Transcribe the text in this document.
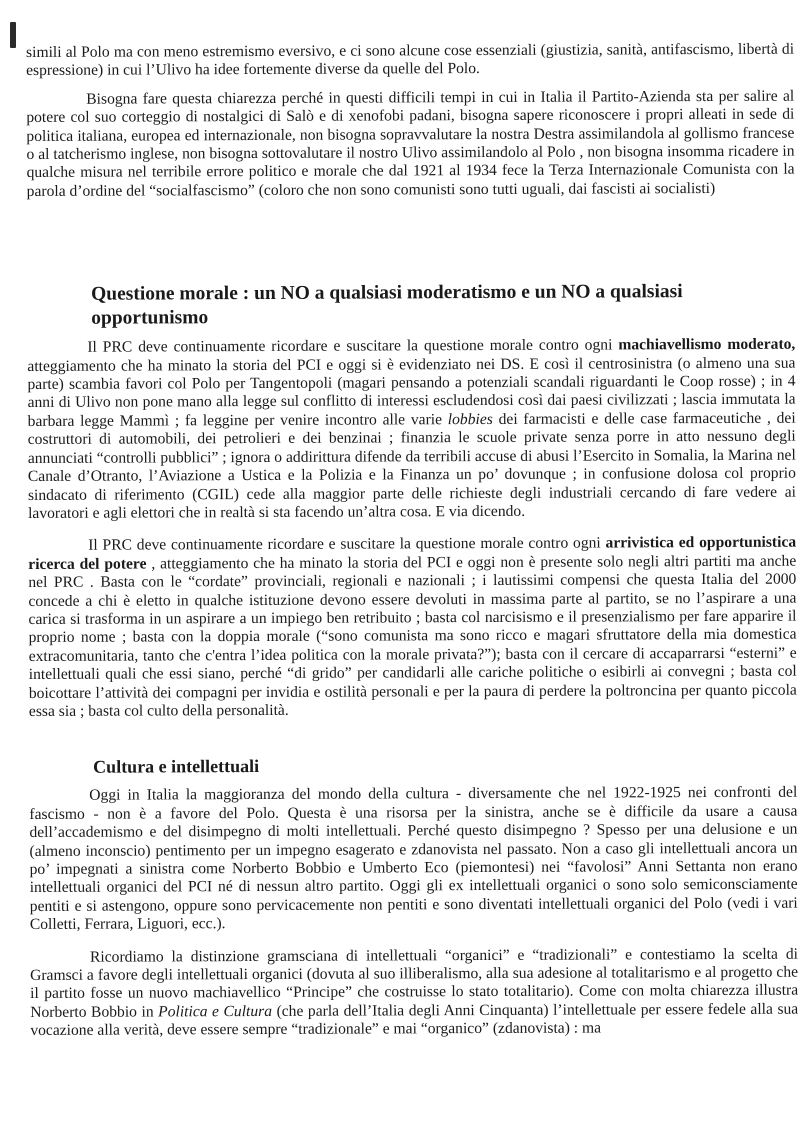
simili al Polo ma con meno estremismo eversivo, e ci sono alcune cose essenziali (giustizia, sanità, antifascismo, libertà di espressione) in cui l’Ulivo ha idee fortemente diverse da quelle del Polo.

Bisogna fare questa chiarezza perché in questi difficili tempi in cui in Italia il Partito-Azienda sta per salire al potere col suo corteggio di nostalgici di Salò e di xenofobi padani, bisogna sapere riconoscere i propri alleati in sede di politica italiana, europea ed internazionale, non bisogna sopravvalutare la nostra Destra assimilandola al gollismo francese o al tatcherismo inglese, non bisogna sottovalutare il nostro Ulivo assimilandolo al Polo , non bisogna insomma ricadere in qualche misura nel terribile errore politico e morale che dal 1921 al 1934 fece la Terza Internazionale Comunista con la parola d’ordine del “socialfascismo” (coloro che non sono comunisti sono tutti uguali, dai fascisti ai socialisti)

Questione morale : un NO a qualsiasi moderatismo e un NO a qualsiasi opportunismo

Il PRC deve continuamente ricordare e suscitare la questione morale contro ogni machiavellismo moderato, atteggiamento che ha minato la storia del PCI e oggi si è evidenziato nei DS. E così il centrosinistra (o almeno una sua parte) scambia favori col Polo per Tangentopoli (magari pensando a potenziali scandali riguardanti le Coop rosse) ; in 4 anni di Ulivo non pone mano alla legge sul conflitto di interessi escludendosi così dai paesi civilizzati ; lascia immutata la barbara legge Mammì ; fa leggine per venire incontro alle varie lobbies dei farmacisti e delle case farmaceutiche , dei costruttori di automobili, dei petrolieri e dei benzinai ; finanzia le scuole private senza porre in atto nessuno degli annunciati “controlli pubblici” ; ignora o addirittura difende da terribili accuse di abusi l’Esercito in Somalia, la Marina nel Canale d’Otranto, l’Aviazione a Ustica e la Polizia e la Finanza un po’ dovunque ; in confusione dolosa col proprio sindacato di riferimento (CGIL) cede alla maggior parte delle richieste degli industriali cercando di fare vedere ai lavoratori e agli elettori che in realtà si sta facendo un’altra cosa. E via dicendo.

Il PRC deve continuamente ricordare e suscitare la questione morale contro ogni arrivistica ed opportunistica ricerca del potere , atteggiamento che ha minato la storia del PCI e oggi non è presente solo negli altri partiti ma anche nel PRC . Basta con le “cordate” provinciali, regionali e nazionali ; i lautissimi compensi che questa Italia del 2000 concede a chi è eletto in qualche istituzione devono essere devoluti in massima parte al partito, se no l’aspirare a una carica si trasforma in un aspirare a un impiego ben retribuito ; basta col narcisismo e il presenzialismo per fare apparire il proprio nome ; basta con la doppia morale (“sono comunista ma sono ricco e magari sfruttatore della mia domestica extracomunitaria, tanto che c'entra l’idea politica con la morale privata?”); basta con il cercare di accaparrarsi “esterni” e intellettuali quali che essi siano, perché “di grido” per candidarli alle cariche politiche o esibirli ai convegni ; basta col boicottare l’attività dei compagni per invidia e ostilità personali e per la paura di perdere la poltroncina per quanto piccola essa sia ; basta col culto della personalità.

Cultura e intellettuali

Oggi in Italia la maggioranza del mondo della cultura - diversamente che nel 1922-1925 nei confronti del fascismo - non è a favore del Polo. Questa è una risorsa per la sinistra, anche se è difficile da usare a causa dell’accademismo e del disimpegno di molti intellettuali. Perché questo disimpegno ? Spesso per una delusione e un (almeno inconscio) pentimento per un impegno esagerato e zdanovista nel passato. Non a caso gli intellettuali ancora un po’ impegnati a sinistra come Norberto Bobbio e Umberto Eco (piemontesi) nei “favolosi” Anni Settanta non erano intellettuali organici del PCI né di nessun altro partito. Oggi gli ex intellettuali organici o sono solo semiconsciamente pentiti e si astengono, oppure sono pervicacemente non pentiti e sono diventati intellettuali organici del Polo (vedi i vari Colletti, Ferrara, Liguori, ecc.).

Ricordiamo la distinzione gramsciana di intellettuali “organici” e “tradizionali” e contestiamo la scelta di Gramsci a favore degli intellettuali organici (dovuta al suo illiberalismo, alla sua adesione al totalitarismo e al progetto che il partito fosse un nuovo machiavellico “Principe” che costruisse lo stato totalitario). Come con molta chiarezza illustra Norberto Bobbio in Politica e Cultura (che parla dell’Italia degli Anni Cinquanta) l’intellettuale per essere fedele alla sua vocazione alla verità, deve essere sempre “tradizionale” e mai “organico” (zdanovista) : ma
